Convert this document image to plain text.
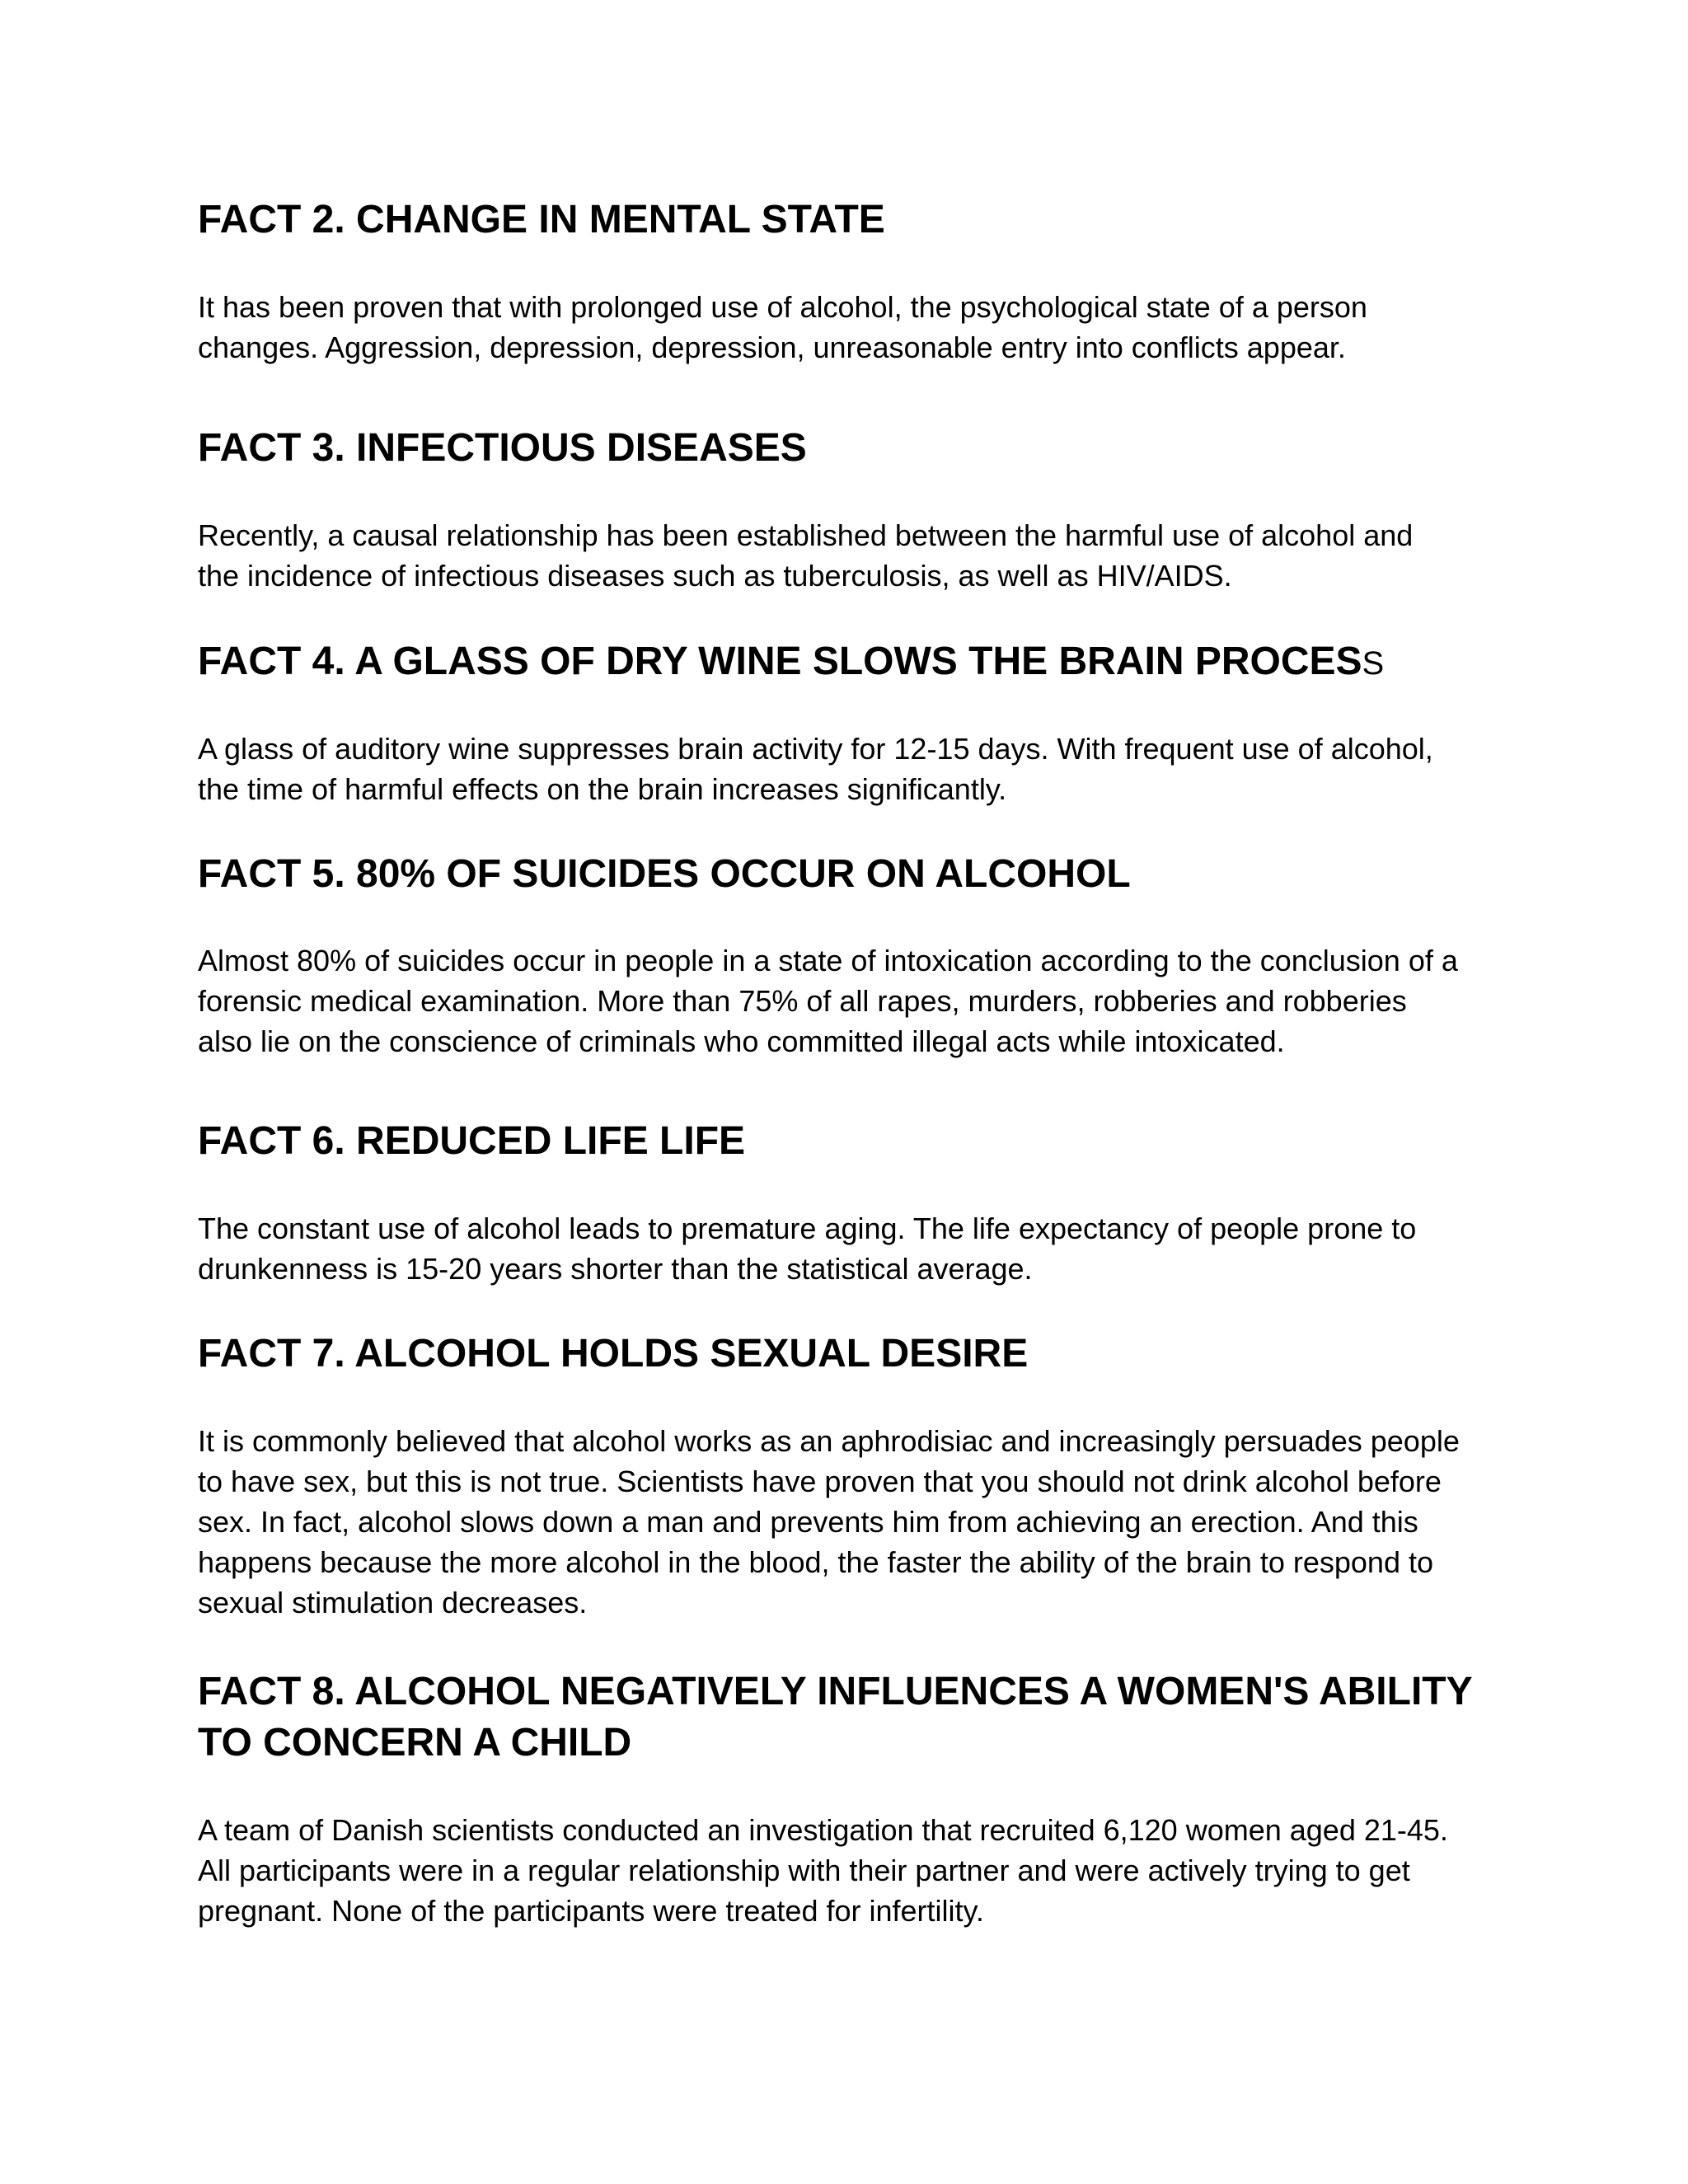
FACT 2. CHANGE IN MENTAL STATE
It has been proven that with prolonged use of alcohol, the psychological state of a person
changes. Aggression, depression, depression, unreasonable entry into conflicts appear.
FACT 3. INFECTIOUS DISEASES
Recently, a causal relationship has been established between the harmful use of alcohol and
the incidence of infectious diseases such as tuberculosis, as well as HIV/AIDS.
FACT 4. A GLASS OF DRY WINE SLOWS THE BRAIN PROCESS
A glass of auditory wine suppresses brain activity for 12-15 days. With frequent use of alcohol,
the time of harmful effects on the brain increases significantly.
FACT 5. 80% OF SUICIDES OCCUR ON ALCOHOL
Almost 80% of suicides occur in people in a state of intoxication according to the conclusion of a
forensic medical examination. More than 75% of all rapes, murders, robberies and robberies
also lie on the conscience of criminals who committed illegal acts while intoxicated.
FACT 6. REDUCED LIFE LIFE
The constant use of alcohol leads to premature aging. The life expectancy of people prone to
drunkenness is 15-20 years shorter than the statistical average.
FACT 7. ALCOHOL HOLDS SEXUAL DESIRE
It is commonly believed that alcohol works as an aphrodisiac and increasingly persuades people
to have sex, but this is not true. Scientists have proven that you should not drink alcohol before
sex. In fact, alcohol slows down a man and prevents him from achieving an erection. And this
happens because the more alcohol in the blood, the faster the ability of the brain to respond to
sexual stimulation decreases.
FACT 8. ALCOHOL NEGATIVELY INFLUENCES A WOMEN'S ABILITY
TO CONCERN A CHILD
A team of Danish scientists conducted an investigation that recruited 6,120 women aged 21-45.
All participants were in a regular relationship with their partner and were actively trying to get
pregnant. None of the participants were treated for infertility.
